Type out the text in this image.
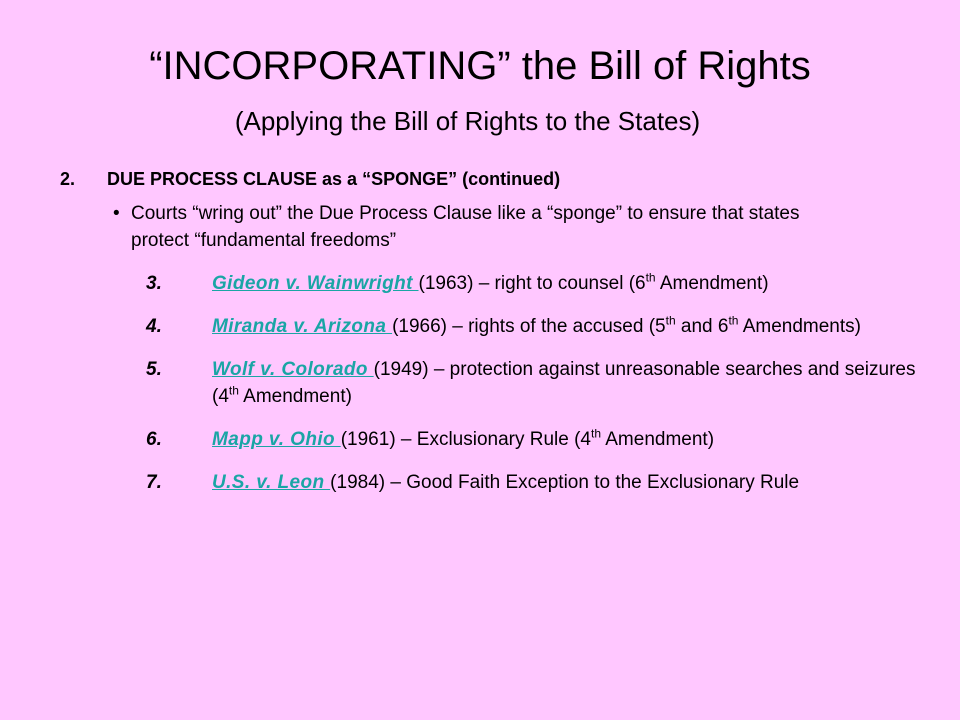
“INCORPORATING” the Bill of Rights
(Applying the Bill of Rights to the States)
2. DUE PROCESS CLAUSE as a “SPONGE” (continued)
• Courts “wring out” the Due Process Clause like a “sponge” to ensure that states protect “fundamental freedoms”
3.	Gideon v. Wainwright (1963) – right to counsel (6th Amendment)
4.	Miranda v. Arizona (1966) – rights of the accused (5th and 6th Amendments)
5.	Wolf v. Colorado (1949) – protection against unreasonable searches and seizures (4th Amendment)
6.	Mapp v. Ohio (1961) – Exclusionary Rule (4th Amendment)
7.	U.S. v. Leon (1984) – Good Faith Exception to the Exclusionary Rule
